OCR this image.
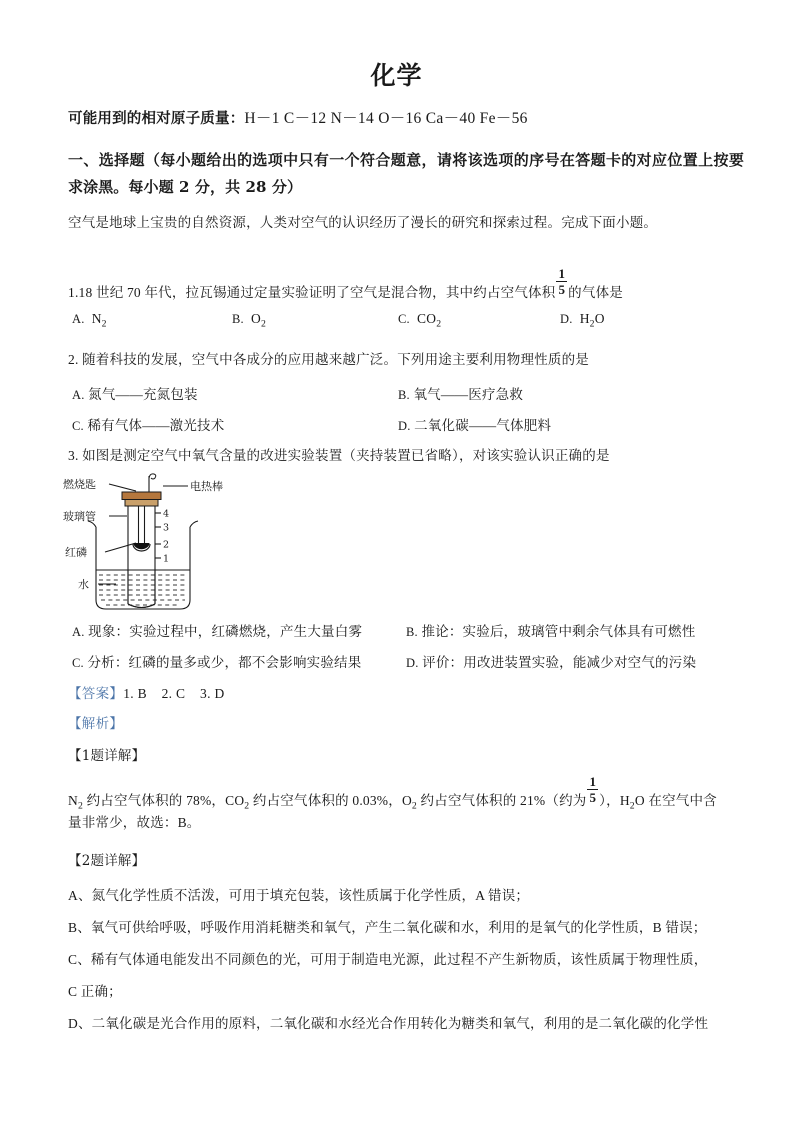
化学
可能用到的相对原子质量：H－1 C－12 N－14 O－16 Ca－40 Fe－56
一、选择题（每小题给出的选项中只有一个符合题意，请将该选项的序号在答题卡的对应位置上按要求涂黑。每小题 2 分，共 28 分）
空气是地球上宝贵的自然资源，人类对空气的认识经历了漫长的研究和探索过程。完成下面小题。
1.18 世纪 70 年代，拉瓦锡通过定量实验证明了空气是混合物，其中约占空气体积 $\frac{1}{5}$ 的气体是
A. $N_2$	B. $O_2$	C. $CO_2$	D. $H_2O$
2. 随着科技的发展，空气中各成分的应用越来越广泛。下列用途主要利用物理性质的是
A. 氮气——充氮包装	B. 氧气——医疗急救
C. 稀有气体——激光技术	D. 二氧化碳——气体肥料
3. 如图是测定空气中氧气含量的改进实验装置（夹持装置已省略），对该实验认识正确的是
4
3
2
1
燃烧匙	电热棒
玻璃管
红磷
水
A. 现象：实验过程中，红磷燃烧，产生大量白雾	B. 推论：实验后，玻璃管中剩余气体具有可燃性
C. 分析：红磷的量多或少，都不会影响实验结果	D. 评价：用改进装置实验，能减少对空气的污染
【答案】1. B 2. C 3. D
【解析】
【1题详解】
$N_2$ 约占空气体积的 78%，$CO_2$ 约占空气体积的 0.03%，$O_2$ 约占空气体积的 21%（约为 $\frac{1}{5}$ ），$H_2O$ 在空气中含
量非常少，故选：B。
【2题详解】
A、氮气化学性质不活泼，可用于填充包装，该性质属于化学性质，A 错误；
B、氧气可供给呼吸，呼吸作用消耗糖类和氧气，产生二氧化碳和水，利用的是氧气的化学性质，B 错误；
C、稀有气体通电能发出不同颜色的光，可用于制造电光源，此过程不产生新物质，该性质属于物理性质，
C 正确；
D、二氧化碳是光合作用的原料，二氧化碳和水经光合作用转化为糖类和氧气，利用的是二氧化碳的化学性
